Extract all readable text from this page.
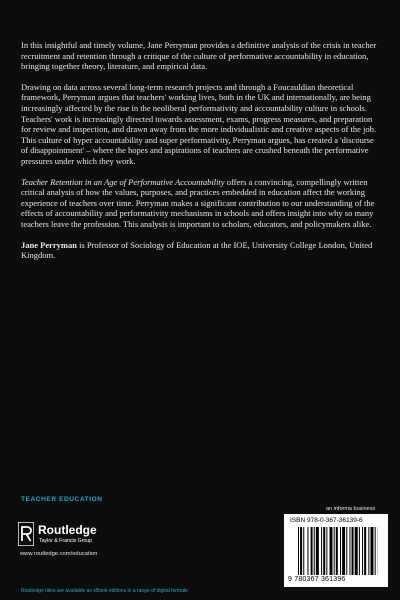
In this insightful and timely volume, Jane Perryman provides a definitive analysis of the crisis in teacher recruitment and retention through a critique of the culture of performative accountability in education, bringing together theory, literature, and empirical data.

Drawing on data across several long-term research projects and through a Foucauldian theoretical framework, Perryman argues that teachers' working lives, both in the UK and internationally, are being increasingly affected by the rise in the neoliberal performativity and accountability culture in schools. Teachers' work is increasingly directed towards assessment, exams, progress measures, and preparation for review and inspection, and drawn away from the more individualistic and creative aspects of the job. This culture of hyper accountability and super performativity, Perryman argues, has created a 'discourse of disappointment' – where the hopes and aspirations of teachers are crushed beneath the performative pressures under which they work.

Teacher Retention in an Age of Performative Accountability offers a convincing, compellingly written critical analysis of how the values, purposes, and practices embedded in education affect the working experience of teachers over time. Perryman makes a significant contribution to our understanding of the effects of accountability and performativity mechanisms in schools and offers insight into why so many teachers leave the profession. This analysis is important to scholars, educators, and policymakers alike.

Jane Perryman is Professor of Sociology of Education at the IOE, University College London, United Kingdom.

TEACHER EDUCATION
Routledge
Taylor & Francis Group
www.routledge.com/education
Routledge titles are available as eBook editions in a range of digital formats
an informa business
ISBN 978-0-367-36139-6
9 780367 361396
